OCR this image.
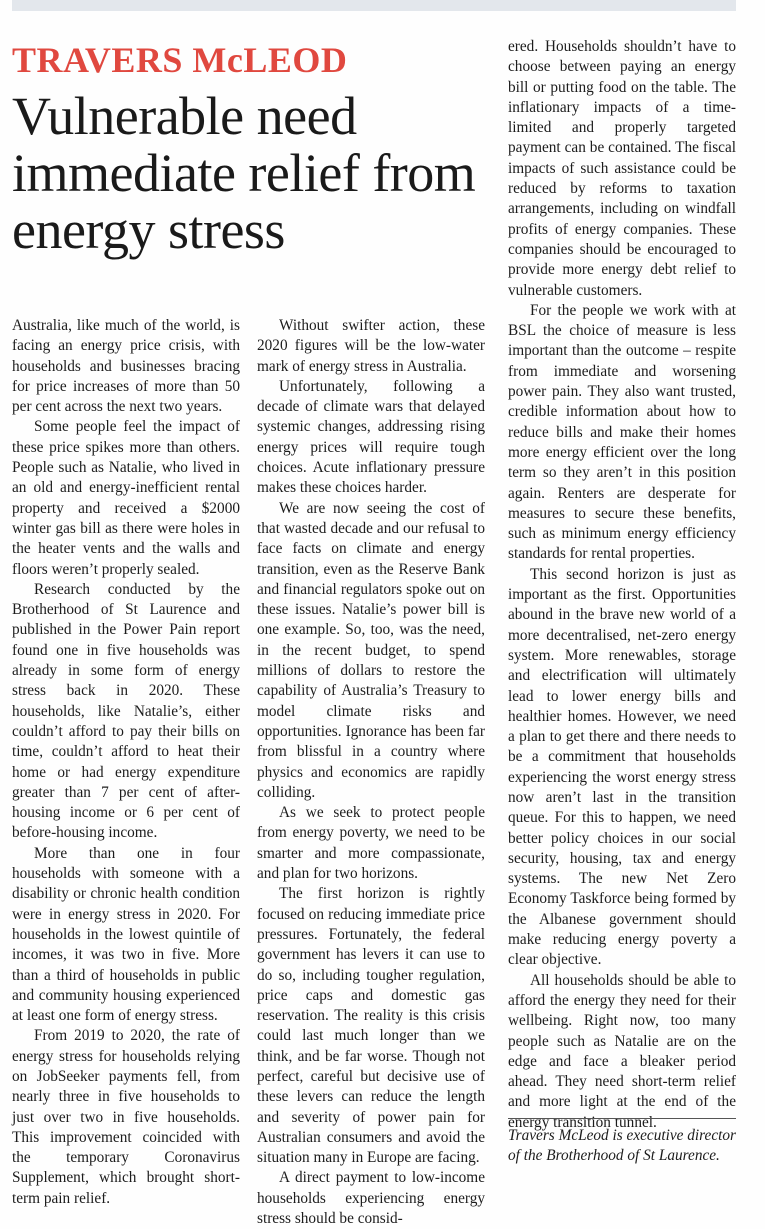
TRAVERS McLEOD
Vulnerable need immediate relief from energy stress

Australia, like much of the world, is facing an energy price crisis, with households and businesses bracing for price increases of more than 50 per cent across the next two years.

Some people feel the impact of these price spikes more than others. People such as Natalie, who lived in an old and energy-inefficient rental property and received a $2000 winter gas bill as there were holes in the heater vents and the walls and floors weren’t properly sealed.

Research conducted by the Brotherhood of St Laurence and published in the Power Pain report found one in five households was already in some form of energy stress back in 2020. These households, like Natalie’s, either couldn’t afford to pay their bills on time, couldn’t afford to heat their home or had energy expenditure greater than 7 per cent of after-housing income or 6 per cent of before-housing income.

More than one in four households with someone with a disability or chronic health condition were in energy stress in 2020. For households in the lowest quintile of incomes, it was two in five. More than a third of households in public and community housing experienced at least one form of energy stress.

From 2019 to 2020, the rate of energy stress for households relying on JobSeeker payments fell, from nearly three in five households to just over two in five households. This improvement coincided with the temporary Coronavirus Supplement, which brought short-term pain relief.

Without swifter action, these 2020 figures will be the low-water mark of energy stress in Australia.

Unfortunately, following a decade of climate wars that delayed systemic changes, addressing rising energy prices will require tough choices. Acute inflationary pressure makes these choices harder.

We are now seeing the cost of that wasted decade and our refusal to face facts on climate and energy transition, even as the Reserve Bank and financial regulators spoke out on these issues. Natalie’s power bill is one example. So, too, was the need, in the recent budget, to spend millions of dollars to restore the capability of Australia’s Treasury to model climate risks and opportunities. Ignorance has been far from blissful in a country where physics and economics are rapidly colliding.

As we seek to protect people from energy poverty, we need to be smarter and more compassionate, and plan for two horizons.

The first horizon is rightly focused on reducing immediate price pressures. Fortunately, the federal government has levers it can use to do so, including tougher regulation, price caps and domestic gas reservation. The reality is this crisis could last much longer than we think, and be far worse. Though not perfect, careful but decisive use of these levers can reduce the length and severity of power pain for Australian consumers and avoid the situation many in Europe are facing.

A direct payment to low-income households experiencing energy stress should be consid-

ered. Households shouldn’t have to choose between paying an energy bill or putting food on the table. The inflationary impacts of a time-limited and properly targeted payment can be contained. The fiscal impacts of such assistance could be reduced by reforms to taxation arrangements, including on windfall profits of energy companies. These companies should be encouraged to provide more energy debt relief to vulnerable customers.

For the people we work with at BSL the choice of measure is less important than the outcome – respite from immediate and worsening power pain. They also want trusted, credible information about how to reduce bills and make their homes more energy efficient over the long term so they aren’t in this position again. Renters are desperate for measures to secure these benefits, such as minimum energy efficiency standards for rental properties.

This second horizon is just as important as the first. Opportunities abound in the brave new world of a more decentralised, net-zero energy system. More renewables, storage and electrification will ultimately lead to lower energy bills and healthier homes. However, we need a plan to get there and there needs to be a commitment that households experiencing the worst energy stress now aren’t last in the transition queue. For this to happen, we need better policy choices in our social security, housing, tax and energy systems. The new Net Zero Economy Taskforce being formed by the Albanese government should make reducing energy poverty a clear objective.

All households should be able to afford the energy they need for their wellbeing. Right now, too many people such as Natalie are on the edge and face a bleaker period ahead. They need short-term relief and more light at the end of the energy transition tunnel.

Travers McLeod is executive director of the Brotherhood of St Laurence.
